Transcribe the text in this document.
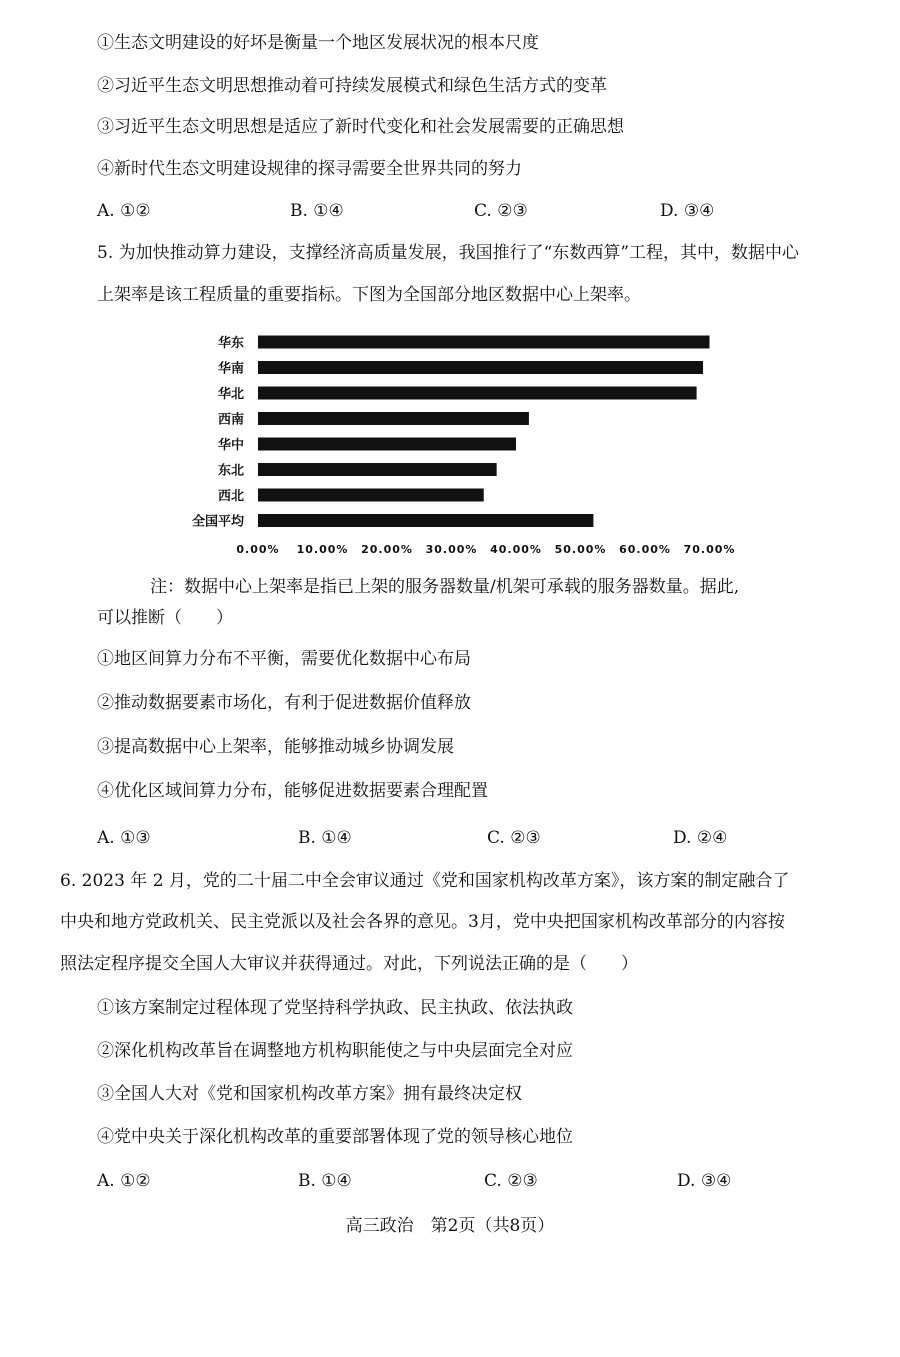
①生态文明建设的好坏是衡量一个地区发展状况的根本尺度
②习近平生态文明思想推动着可持续发展模式和绿色生活方式的变革
③习近平生态文明思想是适应了新时代变化和社会发展需要的正确思想
④新时代生态文明建设规律的探寻需要全世界共同的努力
A. ①②	B. ①④	C. ②③	D. ③④
5. 为加快推动算力建设，支撑经济高质量发展，我国推行了“东数西算”工程，其中，数据中心
上架率是该工程质量的重要指标。下图为全国部分地区数据中心上架率。
华东
华南
华北
西南
华中
东北
西北
全国平均
0.00% 10.00% 20.00% 30.00% 40.00% 50.00% 60.00% 70.00%
注：数据中心上架率是指已上架的服务器数量/机架可承载的服务器数量。据此,
可以推断（　　）
①地区间算力分布不平衡，需要优化数据中心布局
②推动数据要素市场化，有利于促进数据价值释放
③提高数据中心上架率，能够推动城乡协调发展
④优化区域间算力分布，能够促进数据要素合理配置
A. ①③	B. ①④	C. ②③	D. ②④
6. 2023 年 2 月，党的二十届二中全会审议通过《党和国家机构改革方案》，该方案的制定融合了
中央和地方党政机关、民主党派以及社会各界的意见。3月，党中央把国家机构改革部分的内容按
照法定程序提交全国人大审议并获得通过。对此，下列说法正确的是（　　）
①该方案制定过程体现了党坚持科学执政、民主执政、依法执政
②深化机构改革旨在调整地方机构职能使之与中央层面完全对应
③全国人大对《党和国家机构改革方案》拥有最终决定权
④党中央关于深化机构改革的重要部署体现了党的领导核心地位
A. ①②	B. ①④	C. ②③	D. ③④
高三政治　第2页（共8页）
